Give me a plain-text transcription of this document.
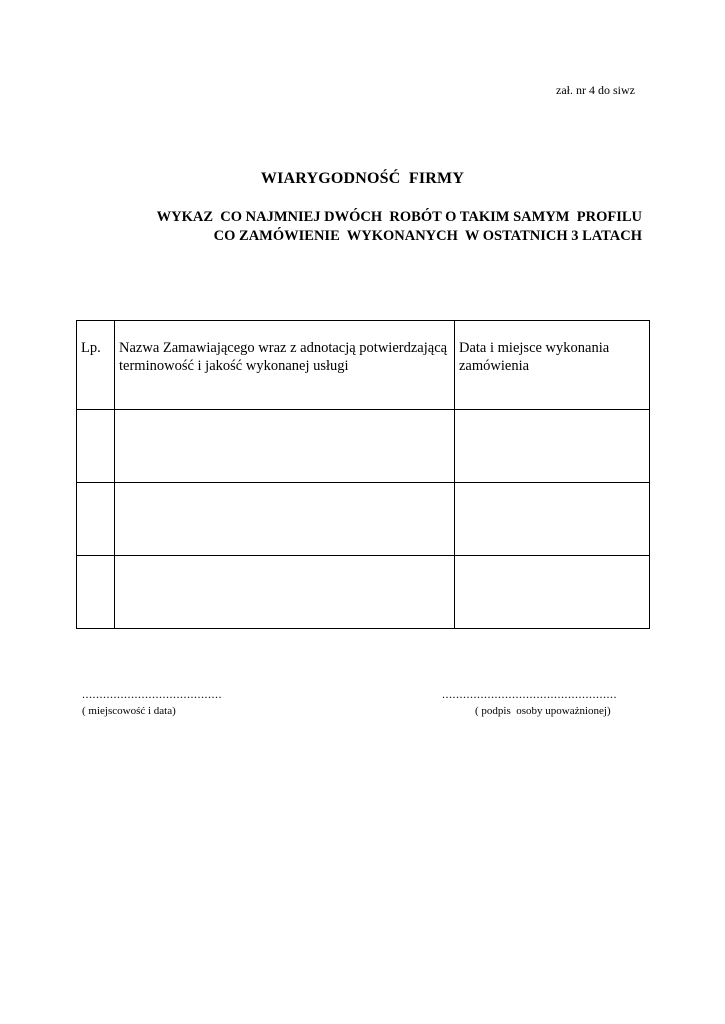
zał. nr 4 do siwz
WIARYGODNOŚĆ  FIRMY
WYKAZ  CO NAJMNIEJ DWÓCH  ROBÓT O TAKIM SAMYM  PROFILU
CO ZAMÓWIENIE  WYKONANYCH  W OSTATNICH 3 LATACH
Lp.	Nazwa Zamawiającego wraz z adnotacją potwierdzającą terminowość i jakość wykonanej usługi	Data i miejsce wykonania zamówienia

........................................
( miejscowość i data)
..................................................
( podpis  osoby upoważnionej)
